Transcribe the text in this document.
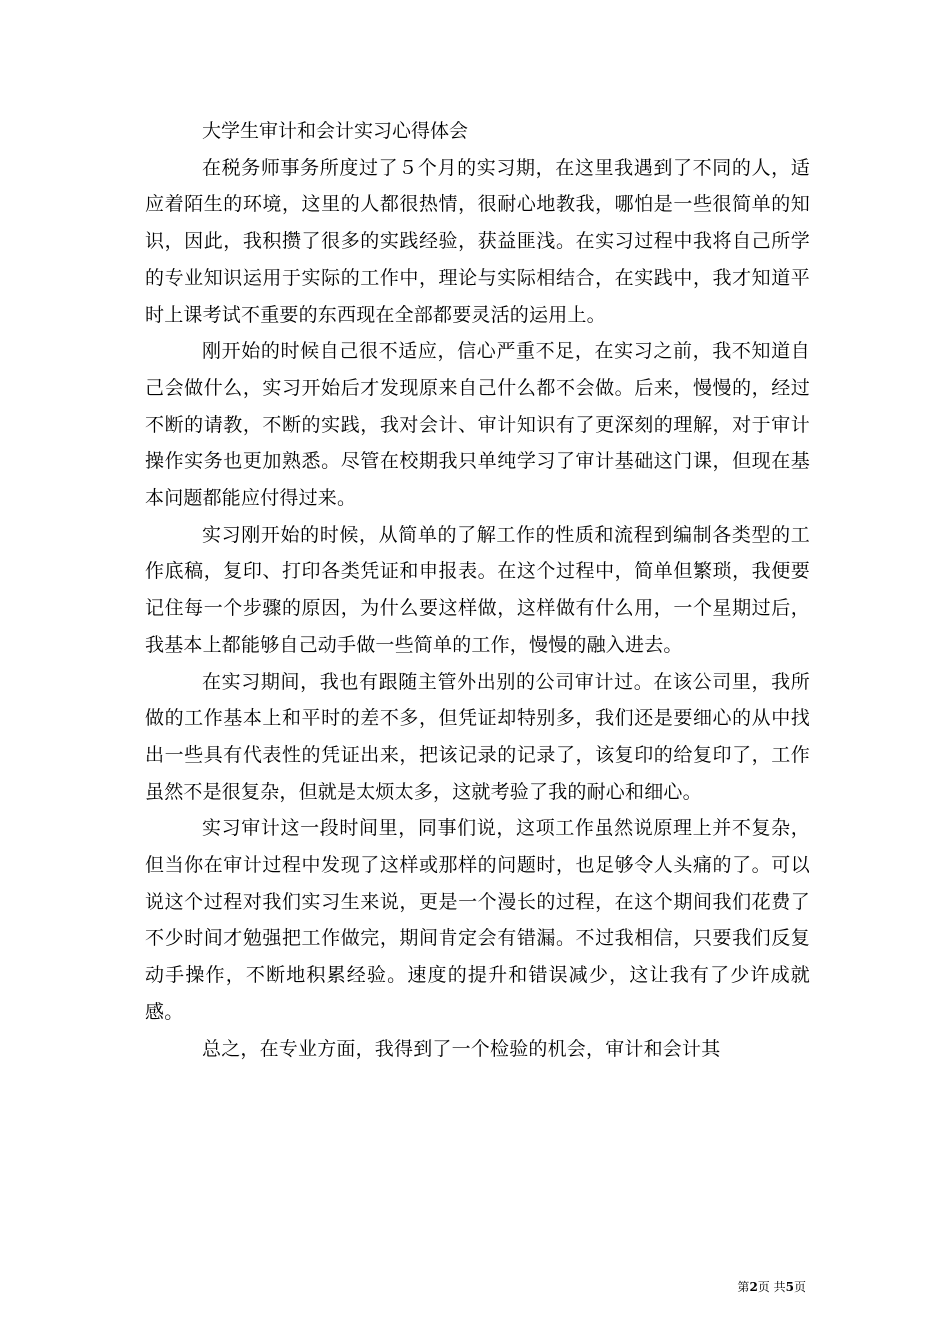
大学生审计和会计实习心得体会

在税务师事务所度过了５个月的实习期，在这里我遇到了不同的人，适应着陌生的环境，这里的人都很热情，很耐心地教我，哪怕是一些很简单的知识，因此，我积攒了很多的实践经验，获益匪浅。在实习过程中我将自己所学的专业知识运用于实际的工作中，理论与实际相结合，在实践中，我才知道平时上课考试不重要的东西现在全部都要灵活的运用上。

刚开始的时候自己很不适应，信心严重不足，在实习之前，我不知道自己会做什么，实习开始后才发现原来自己什么都不会做。后来，慢慢的，经过不断的请教，不断的实践，我对会计、审计知识有了更深刻的理解，对于审计操作实务也更加熟悉。尽管在校期我只单纯学习了审计基础这门课，但现在基本问题都能应付得过来。

实习刚开始的时候，从简单的了解工作的性质和流程到编制各类型的工作底稿，复印、打印各类凭证和申报表。在这个过程中，简单但繁琐，我便要记住每一个步骤的原因，为什么要这样做，这样做有什么用，一个星期过后，我基本上都能够自己动手做一些简单的工作，慢慢的融入进去。

在实习期间，我也有跟随主管外出别的公司审计过。在该公司里，我所做的工作基本上和平时的差不多，但凭证却特别多，我们还是要细心的从中找出一些具有代表性的凭证出来，把该记录的记录了，该复印的给复印了，工作虽然不是很复杂，但就是太烦太多，这就考验了我的耐心和细心。

实习审计这一段时间里，同事们说，这项工作虽然说原理上并不复杂，但当你在审计过程中发现了这样或那样的问题时，也足够令人头痛的了。可以说这个过程对我们实习生来说，更是一个漫长的过程，在这个期间我们花费了不少时间才勉强把工作做完，期间肯定会有错漏。不过我相信，只要我们反复动手操作，不断地积累经验。速度的提升和错误减少，这让我有了少许成就感。

总之，在专业方面，我得到了一个检验的机会，审计和会计其

第2页 共5页
